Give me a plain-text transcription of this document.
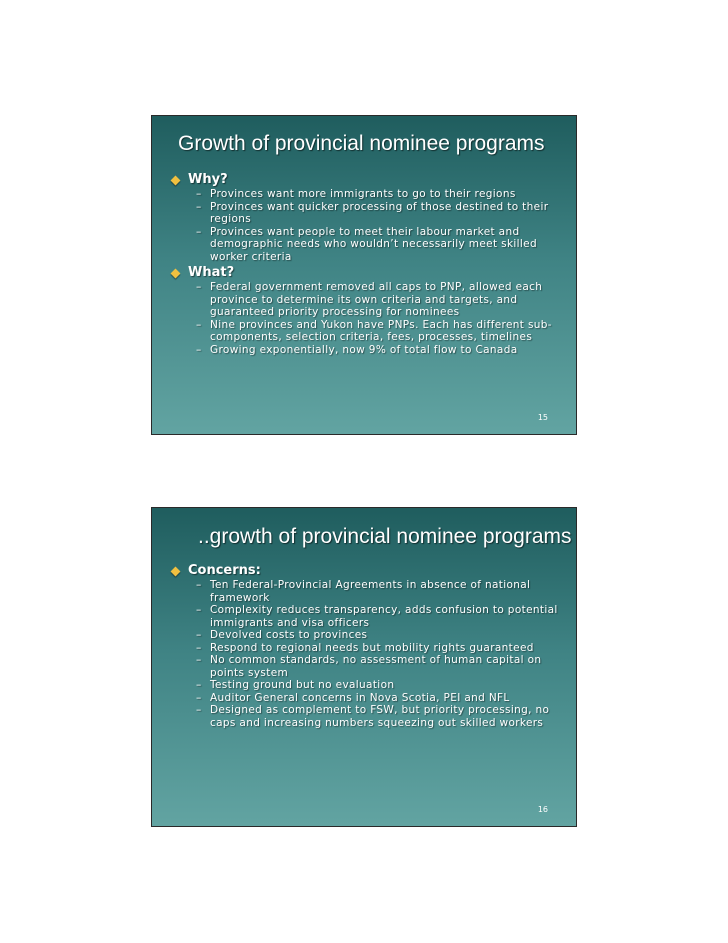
Growth of provincial nominee programs
Why?
– Provinces want more immigrants to go to their regions
– Provinces want quicker processing of those destined to their regions
– Provinces want people to meet their labour market and demographic needs who wouldn’t necessarily meet skilled worker criteria
What?
– Federal government removed all caps to PNP, allowed each province to determine its own criteria and targets, and guaranteed priority processing for nominees
– Nine provinces and Yukon have PNPs. Each has different sub-components, selection criteria, fees, processes, timelines
– Growing exponentially, now 9% of total flow to Canada
15
..growth of provincial nominee programs
Concerns:
– Ten Federal-Provincial Agreements in absence of national framework
– Complexity reduces transparency, adds confusion to potential immigrants and visa officers
– Devolved costs to provinces
– Respond to regional needs but mobility rights guaranteed
– No common standards, no assessment of human capital on points system
– Testing ground but no evaluation
– Auditor General concerns in Nova Scotia, PEI and NFL
– Designed as complement to FSW, but priority processing, no caps and increasing numbers squeezing out skilled workers
16
